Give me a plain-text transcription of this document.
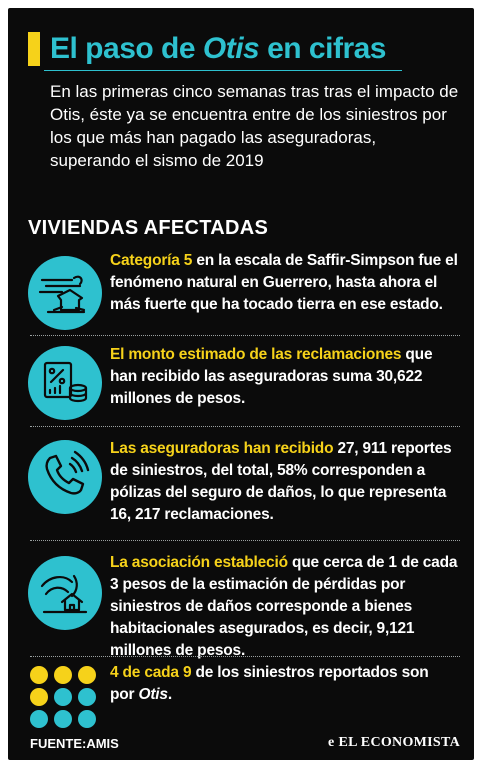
El paso de Otis en cifras
En las primeras cinco semanas tras tras el impacto de Otis, éste ya se encuentra entre de los siniestros por los que más han pagado las aseguradoras, superando el sismo de 2019
VIVIENDAS AFECTADAS
Categoría 5 en la escala de Saffir-Simpson fue el fenómeno natural en Guerrero, hasta ahora el más fuerte que ha tocado tierra en ese estado.
El monto estimado de las reclamaciones que han recibido las aseguradoras suma 30,622 millones de pesos.
Las aseguradoras han recibido 27, 911 reportes de siniestros, del total, 58% corresponden a pólizas del seguro de daños, lo que representa 16, 217 reclamaciones.
La asociación estableció que cerca de 1 de cada 3 pesos de la estimación de pérdidas por siniestros de daños corresponde a bienes habitacionales asegurados, es decir, 9,121 millones de pesos.
4 de cada 9 de los siniestros reportados son por Otis.
FUENTE:AMIS	e EL ECONOMISTA
